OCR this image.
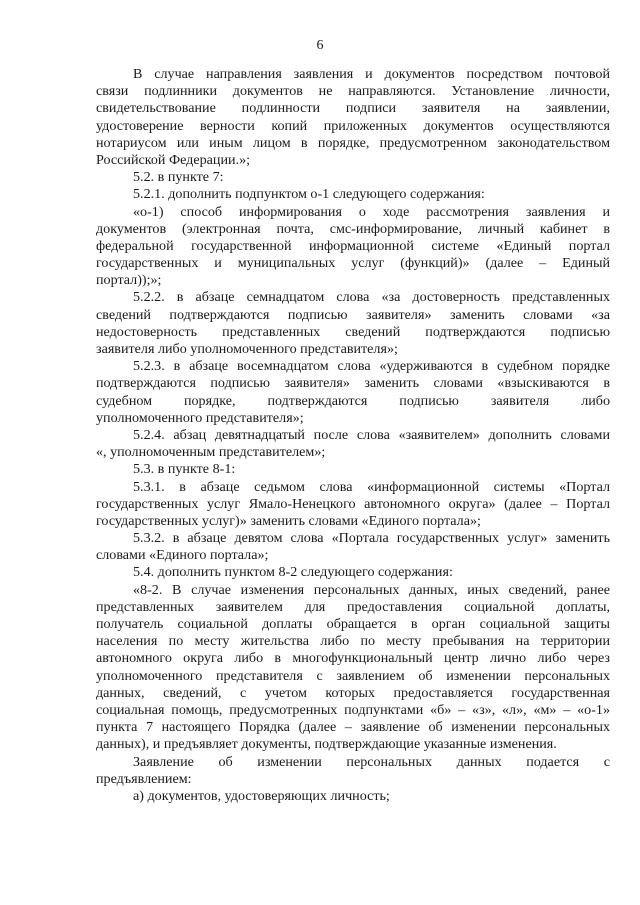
6
В случае направления заявления и документов посредством почтовой
связи подлинники документов не направляются. Установление личности,
свидетельствование подлинности подписи заявителя на заявлении,
удостоверение верности копий приложенных документов осуществляются
нотариусом или иным лицом в порядке, предусмотренном законодательством
Российской Федерации.»;
5.2. в пункте 7:
5.2.1. дополнить подпунктом о-1 следующего содержания:
«о-1) способ информирования о ходе рассмотрения заявления и
документов (электронная почта, смс-информирование, личный кабинет в
федеральной государственной информационной системе «Единый портал
государственных и муниципальных услуг (функций)» (далее – Единый
портал));»;
5.2.2. в абзаце семнадцатом слова «за достоверность представленных
сведений подтверждаются подписью заявителя» заменить словами «за
недостоверность представленных сведений подтверждаются подписью
заявителя либо уполномоченного представителя»;
5.2.3. в абзаце восемнадцатом слова «удерживаются в судебном порядке
подтверждаются подписью заявителя» заменить словами «взыскиваются в
судебном порядке, подтверждаются подписью заявителя либо
уполномоченного представителя»;
5.2.4. абзац девятнадцатый после слова «заявителем» дополнить словами
«, уполномоченным представителем»;
5.3. в пункте 8-1:
5.3.1. в абзаце седьмом слова «информационной системы «Портал
государственных услуг Ямало-Ненецкого автономного округа» (далее – Портал
государственных услуг)» заменить словами «Единого портала»;
5.3.2. в абзаце девятом слова «Портала государственных услуг» заменить
словами «Единого портала»;
5.4. дополнить пунктом 8-2 следующего содержания:
«8-2. В случае изменения персональных данных, иных сведений, ранее
представленных заявителем для предоставления социальной доплаты,
получатель социальной доплаты обращается в орган социальной защиты
населения по месту жительства либо по месту пребывания на территории
автономного округа либо в многофункциональный центр лично либо через
уполномоченного представителя с заявлением об изменении персональных
данных, сведений, с учетом которых предоставляется государственная
социальная помощь, предусмотренных подпунктами «б» – «з», «л», «м» – «о-1»
пункта 7 настоящего Порядка (далее – заявление об изменении персональных
данных), и предъявляет документы, подтверждающие указанные изменения.
Заявление об изменении персональных данных подается с
предъявлением:
а) документов, удостоверяющих личность;
